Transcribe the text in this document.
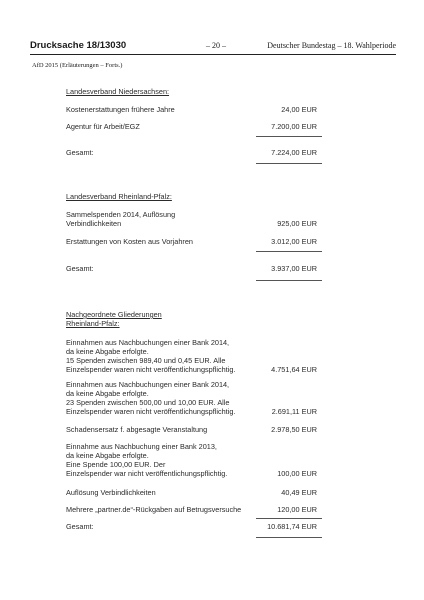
Drucksache 18/13030	– 20 –	Deutscher Bundestag – 18. Wahlperiode
AfD 2015 (Erläuterungen – Forts.)
Landesverband Niedersachsen:
Kostenerstattungen frühere Jahre	24,00 EUR
Agentur für Arbeit/EGZ	7.200,00 EUR
Gesamt:	7.224,00 EUR
Landesverband Rheinland-Pfalz:
Sammelspenden 2014, Auflösung
Verbindlichkeiten	925,00 EUR
Erstattungen von Kosten aus Vorjahren	3.012,00 EUR
Gesamt:	3.937,00 EUR
Nachgeordnete Gliederungen
Rheinland-Pfalz:
Einnahmen aus Nachbuchungen einer Bank 2014,
da keine Abgabe erfolgte.
15 Spenden zwischen 989,40 und 0,45 EUR. Alle
Einzelspender waren nicht veröffentlichungspflichtig.	4.751,64 EUR
Einnahmen aus Nachbuchungen einer Bank 2014,
da keine Abgabe erfolgte.
23 Spenden zwischen 500,00 und 10,00 EUR. Alle
Einzelspender waren nicht veröffentlichungspflichtig.	2.691,11 EUR
Schadensersatz f. abgesagte Veranstaltung	2.978,50 EUR
Einnahme aus Nachbuchung einer Bank 2013,
da keine Abgabe erfolgte.
Eine Spende 100,00 EUR. Der
Einzelspender war nicht veröffentlichungspflichtig.	100,00 EUR
Auflösung Verbindlichkeiten	40,49 EUR
Mehrere „partner.de“-Rückgaben auf Betrugsversuche	120,00 EUR
Gesamt:	10.681,74 EUR
